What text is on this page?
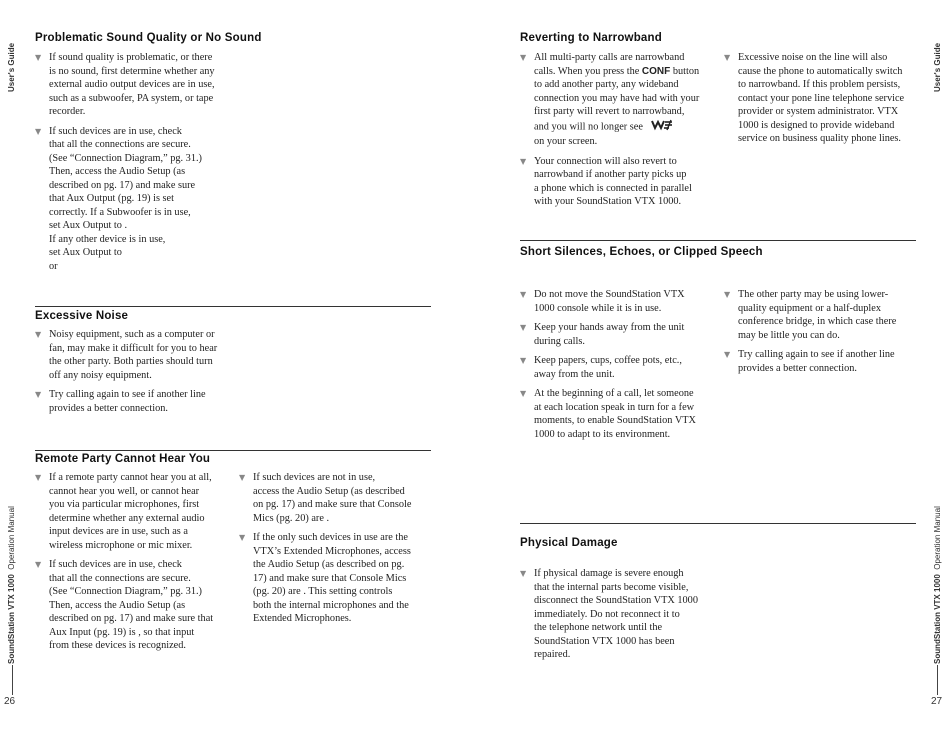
User's Guide
SoundStation VTX 1000  Operation Manual
26
User's Guide
SoundStation VTX 1000  Operation Manual
27
Problematic Sound Quality or No Sound
▼ If sound quality is problematic, or there
is no sound, first determine whether any
external audio output devices are in use,
such as a subwoofer, PA system, or tape
recorder.
▼ If such devices are in use, check
that all the connections are secure.
(See “Connection Diagram,” pg. 31.)
Then, access the Audio Setup (as
described on pg. 17) and make sure
that Aux Output (pg. 19) is set
correctly. If a Subwoofer is in use,
set Aux Output to .
If any other device is in use,
set Aux Output to
or
Excessive Noise
▼ Noisy equipment, such as a computer or
fan, may make it difficult for you to hear
the other party. Both parties should turn
off any noisy equipment.
▼ Try calling again to see if another line
provides a better connection.
Remote Party Cannot Hear You
▼ If a remote party cannot hear you at all,
cannot hear you well, or cannot hear
you via particular microphones, first
determine whether any external audio
input devices are in use, such as a
wireless microphone or mic mixer.
▼ If such devices are in use, check
that all the connections are secure.
(See “Connection Diagram,” pg. 31.)
Then, access the Audio Setup (as
described on pg. 17) and make sure that
Aux Input (pg. 19) is , so that input
from these devices is recognized.
▼ If such devices are not in use,
access the Audio Setup (as described
on pg. 17) and make sure that Console
Mics (pg. 20) are .
▼ If the only such devices in use are the
VTX’s Extended Microphones, access
the Audio Setup (as described on pg.
17) and make sure that Console Mics
(pg. 20) are . This setting controls
both the internal microphones and the
Extended Microphones.
Reverting to Narrowband
▼ All multi-party calls are narrowband
calls. When you press the CONF button
to add another party, any wideband
connection you may have had with your
first party will revert to narrowband,
and you will no longer see
on your screen.
▼ Your connection will also revert to
narrowband if another party picks up
a phone which is connected in parallel
with your SoundStation VTX 1000.
▼ Excessive noise on the line will also
cause the phone to automatically switch
to narrowband. If this problem persists,
contact your pone line telephone service
provider or system administrator. VTX
1000 is designed to provide wideband
service on business quality phone lines.
Short Silences, Echoes, or Clipped Speech
▼ Do not move the SoundStation VTX
1000 console while it is in use.
▼ Keep your hands away from the unit
during calls.
▼ Keep papers, cups, coffee pots, etc.,
away from the unit.
▼ At the beginning of a call, let someone
at each location speak in turn for a few
moments, to enable SoundStation VTX
1000 to adapt to its environment.
▼ The other party may be using lower-
quality equipment or a half-duplex
conference bridge, in which case there
may be little you can do.
▼ Try calling again to see if another line
provides a better connection.
Physical Damage
▼ If physical damage is severe enough
that the internal parts become visible,
disconnect the SoundStation VTX 1000
immediately. Do not reconnect it to
the telephone network until the
SoundStation VTX 1000 has been
repaired.
